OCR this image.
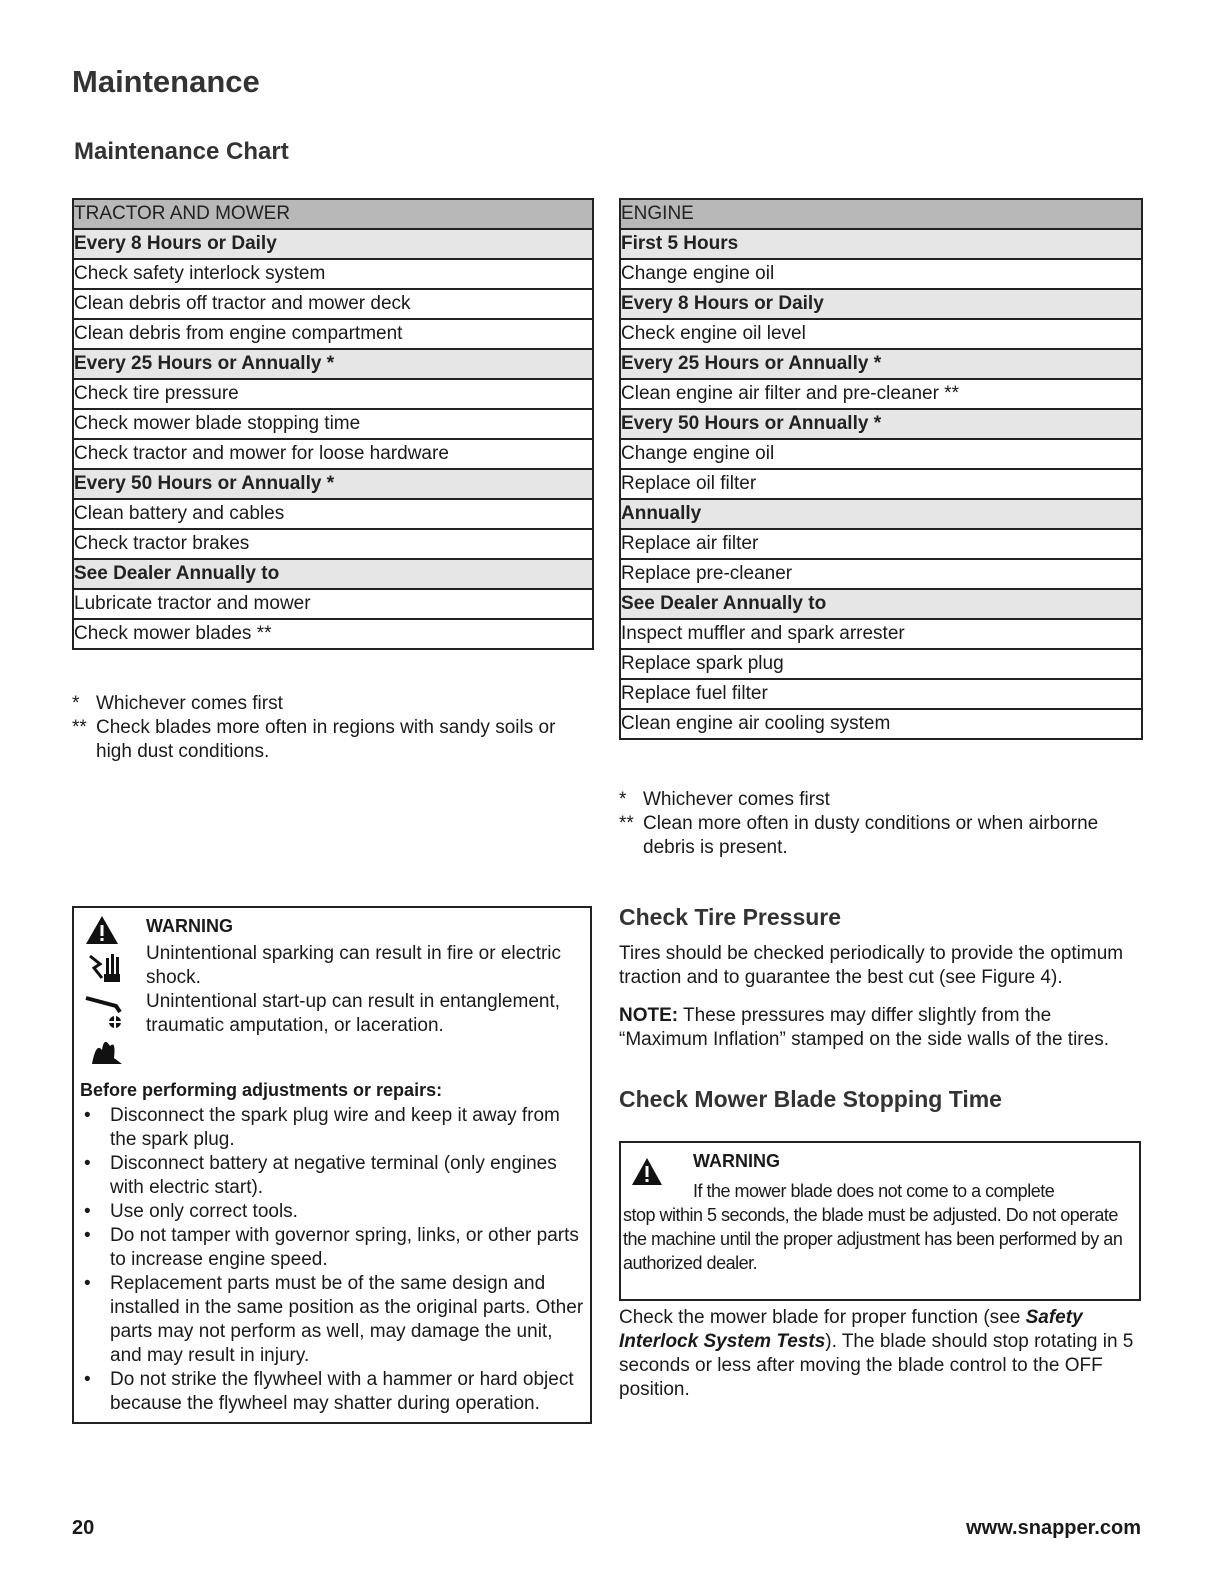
Maintenance
Maintenance Chart
TRACTOR AND MOWER
Every 8 Hours or Daily
Check safety interlock system
Clean debris off tractor and mower deck
Clean debris from engine compartment
Every 25 Hours or Annually *
Check tire pressure
Check mower blade stopping time
Check tractor and mower for loose hardware
Every 50 Hours or Annually *
Clean battery and cables
Check tractor brakes
See Dealer Annually to
Lubricate tractor and mower
Check mower blades **
* Whichever comes first
** Check blades more often in regions with sandy soils or high dust conditions.
ENGINE
First 5 Hours
Change engine oil
Every 8 Hours or Daily
Check engine oil level
Every 25 Hours or Annually *
Clean engine air filter and pre-cleaner **
Every 50 Hours or Annually *
Change engine oil
Replace oil filter
Annually
Replace air filter
Replace pre-cleaner
See Dealer Annually to
Inspect muffler and spark arrester
Replace spark plug
Replace fuel filter
Clean engine air cooling system
* Whichever comes first
** Clean more often in dusty conditions or when airborne debris is present.
WARNING
Unintentional sparking can result in fire or electric shock.
Unintentional start-up can result in entanglement, traumatic amputation, or laceration.
Before performing adjustments or repairs:
• Disconnect the spark plug wire and keep it away from the spark plug.
• Disconnect battery at negative terminal (only engines with electric start).
• Use only correct tools.
• Do not tamper with governor spring, links, or other parts to increase engine speed.
• Replacement parts must be of the same design and installed in the same position as the original parts. Other parts may not perform as well, may damage the unit, and may result in injury.
• Do not strike the flywheel with a hammer or hard object because the flywheel may shatter during operation.
Check Tire Pressure
Tires should be checked periodically to provide the optimum traction and to guarantee the best cut (see Figure 4).
NOTE: These pressures may differ slightly from the “Maximum Inflation” stamped on the side walls of the tires.
Check Mower Blade Stopping Time
WARNING
If the mower blade does not come to a complete
stop within 5 seconds, the blade must be adjusted. Do not operate the machine until the proper adjustment has been performed by an authorized dealer.
Check the mower blade for proper function (see Safety Interlock System Tests). The blade should stop rotating in 5 seconds or less after moving the blade control to the OFF position.
20	www.snapper.com
